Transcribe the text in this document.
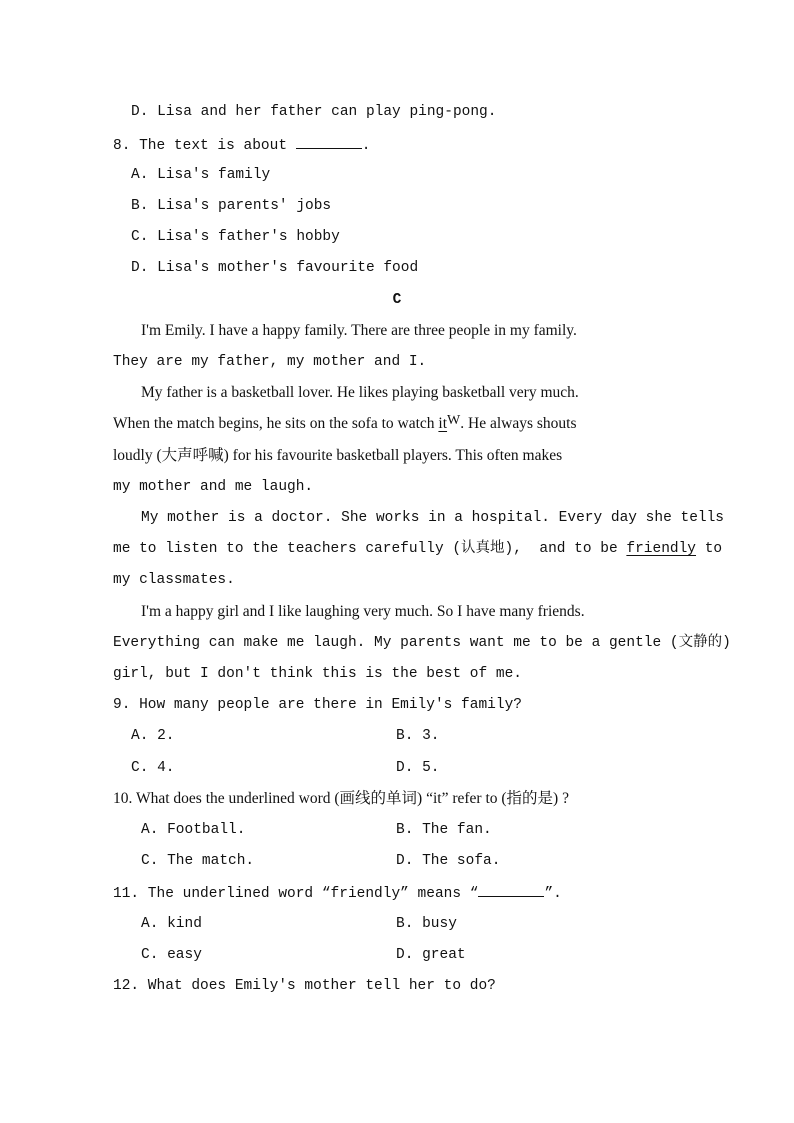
D. Lisa and her father can play ping-pong.
8. The text is about	.
A. Lisa's family
B. Lisa's parents' jobs
C. Lisa's father's hobby
D. Lisa's mother's favourite food
C
I'm Emily. I have a happy family. There are three people in my family.
They are my father, my mother and I.
My father is a basketball lover. He likes playing basketball very much.
When the match begins, he sits on the sofa to watch itW. He always shouts
loudly (大声呼喊) for his favourite basketball players. This often makes
my mother and me laugh.
My mother is a doctor. She works in a hospital. Every day she tells
me to listen to the teachers carefully (认真地),  and to be friendly to
my classmates.
I'm a happy girl and I like laughing very much. So I have many friends.
Everything can make me laugh. My parents want me to be a gentle (文静的)
girl, but I don't think this is the best of me.
9. How many people are there in Emily's family?
A. 2.	B. 3.
C. 4.	D. 5.
10. What does the underlined word (画线的单词) “it” refer to (指的是) ?
A. Football.	B. The fan.
C. The match.	D. The sofa.
11. The underlined word “friendly” means “	”.
A. kind	B. busy
C. easy	D. great
12. What does Emily's mother tell her to do?
